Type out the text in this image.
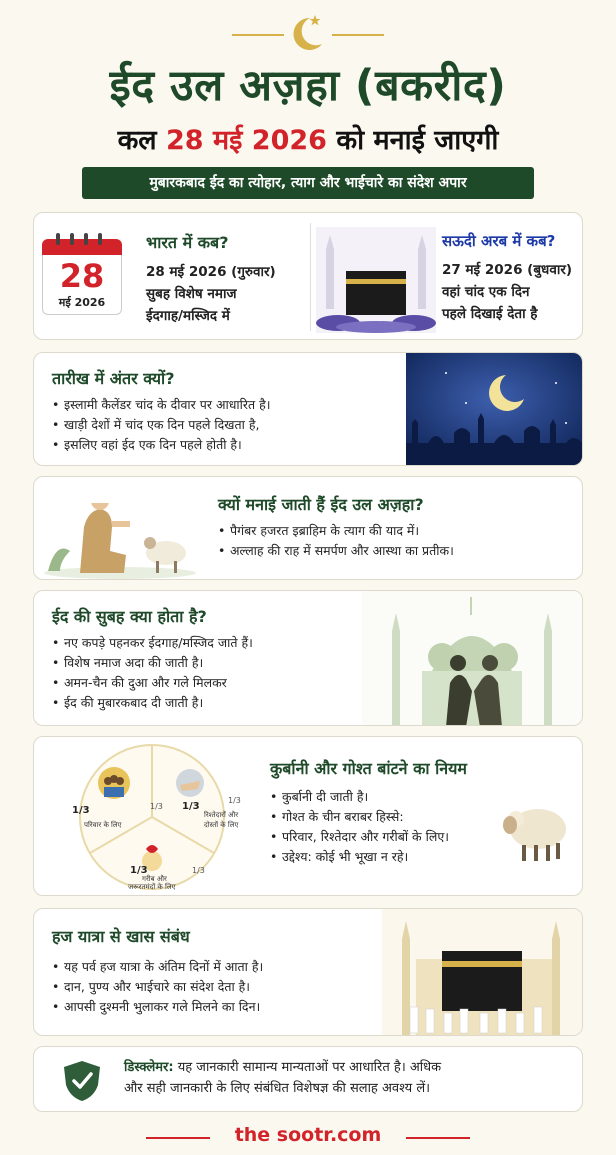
ईद उल अज़हा (बकरीद)
कल 28 मई 2026 को मनाई जाएगी
मुबारकबाद ईद का त्योहार, त्याग और भाईचारे का संदेश अपार
28
मई 2026
भारत में कब?

28 मई 2026 (गुरुवार)

सुबह विशेष नमाज

ईदगाह/मस्जिद में

सऊदी अरब में कब?

27 मई 2026 (बुधवार)

वहां चांद एक दिन

पहले दिखाई देता है

तारीख में अंतर क्यों?
• इस्लामी कैलेंडर चांद के दीवार पर आधारित है।
• खाड़ी देशों में चांद एक दिन पहले दिखता है,
• इसलिए वहां ईद एक दिन पहले होती है।
क्यों मनाई जाती हैं ईद उल अज़हा?
• पैगंबर हजरत इब्राहिम के त्याग की याद में।
• अल्लाह की राह में समर्पण और आस्था का प्रतीक।
ईद की सुबह क्या होता है?
• नए कपड़े पहनकर ईदगाह/मस्जिद जाते हैं।
• विशेष नमाज अदा की जाती है।
• अमन-चैन की दुआ और गले मिलकर
• ईद की मुबारकबाद दी जाती है।
1/3	1/3
परिवार के लिए
1/3
1/3
रिश्तेदारों और
दोस्तों के लिए
1/3	1/3
गरीब और
जरूरतमंदों के लिए
कुर्बानी और गोश्त बांटने का नियम
• कुर्बानी दी जाती है।
• गोश्त के चीन बराबर हिस्से:
• परिवार, रिश्तेदार और गरीबों के लिए।
• उद्देश्य: कोई भी भूखा न रहे।
हज यात्रा से खास संबंध
• यह पर्व हज यात्रा के अंतिम दिनों में आता है।
• दान, पुण्य और भाईचारे का संदेश देता है।
• आपसी दुश्मनी भुलाकर गले मिलने का दिन।
डिस्क्लेमर: यह जानकारी सामान्य मान्यताओं पर आधारित है। अधिक
और सही जानकारी के लिए संबंधित विशेषज्ञ की सलाह अवश्य लें।
the sootr.com
